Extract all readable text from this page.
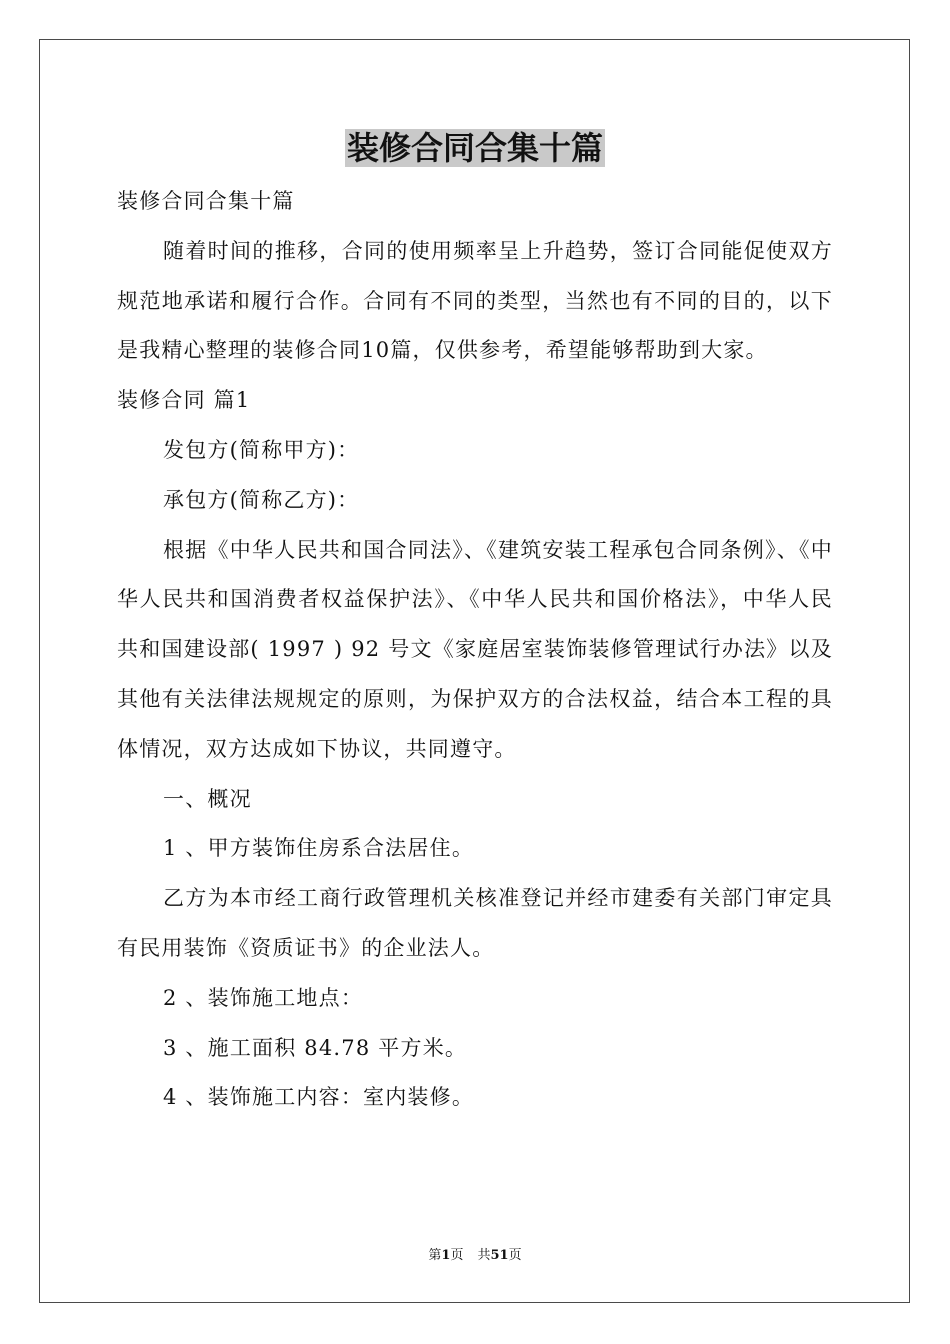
装修合同合集十篇

装修合同合集十篇

随着时间的推移，合同的使用频率呈上升趋势，签订合同能促使双方规范地承诺和履行合作。合同有不同的类型，当然也有不同的目的，以下是我精心整理的装修合同10篇，仅供参考，希望能够帮助到大家。

装修合同 篇1

发包方(简称甲方)：

承包方(简称乙方)：

根据《中华人民共和国合同法》、《建筑安装工程承包合同条例》、《中华人民共和国消费者权益保护法》、《中华人民共和国价格法》，中华人民共和国建设部( 1997 ) 92 号文《家庭居室装饰装修管理试行办法》以及其他有关法律法规规定的原则，为保护双方的合法权益，结合本工程的具体情况，双方达成如下协议，共同遵守。

一、概况

1 、甲方装饰住房系合法居住。

乙方为本市经工商行政管理机关核准登记并经市建委有关部门审定具有民用装饰《资质证书》的企业法人。

2 、装饰施工地点：

3 、施工面积 84.78 平方米。

4 、装饰施工内容：室内装修。

第1页 共51页
